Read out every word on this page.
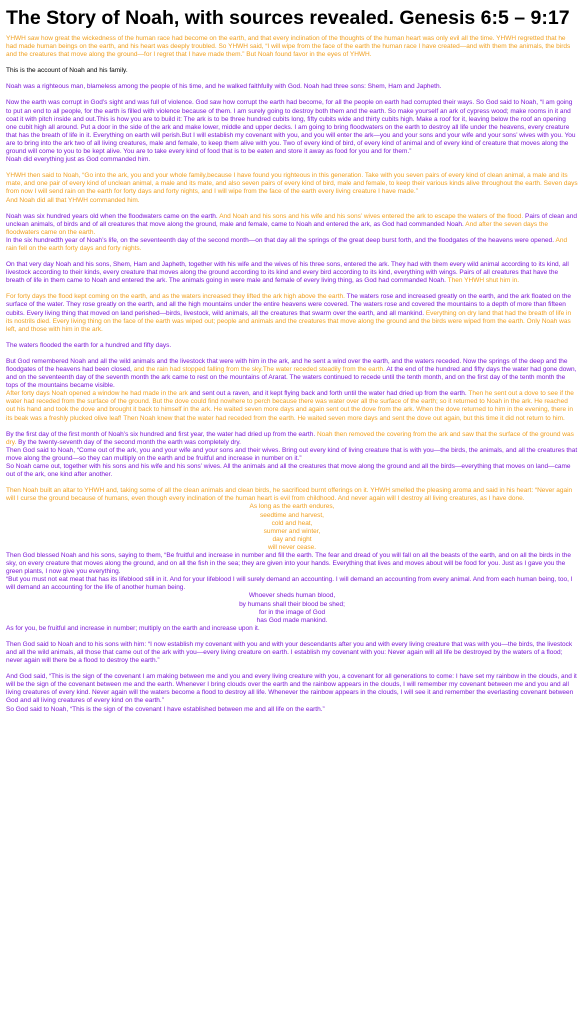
The Story of Noah, with sources revealed. Genesis 6:5 – 9:17

YHWH saw how great the wickedness of the human race had become on the earth, and that every inclination of the thoughts of the human heart was only evil all the time. YHWH regretted that he had made human beings on the earth, and his heart was deeply troubled. So YHWH said, “I will wipe from the face of the earth the human race I have created—and with them the animals, the birds and the creatures that move along the ground—for I regret that I have made them.” But Noah found favor in the eyes of YHWH.

This is the account of Noah and his family.

Noah was a righteous man, blameless among the people of his time, and he walked faithfully with God. Noah had three sons: Shem, Ham and Japheth.

Now the earth was corrupt in God’s sight and was full of violence. God saw how corrupt the earth had become, for all the people on earth had corrupted their ways. So God said to Noah, “I am going to put an end to all people, for the earth is filled with violence because of them. I am surely going to destroy both them and the earth. So make yourself an ark of cypress wood; make rooms in it and coat it with pitch inside and out.This is how you are to build it: The ark is to be three hundred cubits long, fifty cubits wide and thirty cubits high. Make a roof for it, leaving below the roof an opening one cubit high all around. Put a door in the side of the ark and make lower, middle and upper decks. I am going to bring floodwaters on the earth to destroy all life under the heavens, every creature that has the breath of life in it. Everything on earth will perish.But I will establish my covenant with you, and you will enter the ark—you and your sons and your wife and your sons’ wives with you. You are to bring into the ark two of all living creatures, male and female, to keep them alive with you. Two of every kind of bird, of every kind of animal and of every kind of creature that moves along the ground will come to you to be kept alive. You are to take every kind of food that is to be eaten and store it away as food for you and for them.”
Noah did everything just as God commanded him.

YHWH then said to Noah, “Go into the ark, you and your whole family,because I have found you righteous in this generation. Take with you seven pairs of every kind of clean animal, a male and its mate, and one pair of every kind of unclean animal, a male and its mate, and also seven pairs of every kind of bird, male and female, to keep their various kinds alive throughout the earth. Seven days from now I will send rain on the earth for forty days and forty nights, and I will wipe from the face of the earth every living creature I have made.”
And Noah did all that YHWH commanded him.

Noah was six hundred years old when the floodwaters came on the earth. And Noah and his sons and his wife and his sons’ wives entered the ark to escape the waters of the flood. Pairs of clean and unclean animals, of birds and of all creatures that move along the ground, male and female, came to Noah and entered the ark, as God had commanded Noah. And after the seven days the floodwaters came on the earth.
In the six hundredth year of Noah’s life, on the seventeenth day of the second month—on that day all the springs of the great deep burst forth, and the floodgates of the heavens were opened. And rain fell on the earth forty days and forty nights.

On that very day Noah and his sons, Shem, Ham and Japheth, together with his wife and the wives of his three sons, entered the ark. They had with them every wild animal according to its kind, all livestock according to their kinds, every creature that moves along the ground according to its kind and every bird according to its kind, everything with wings. Pairs of all creatures that have the breath of life in them came to Noah and entered the ark. The animals going in were male and female of every living thing, as God had commanded Noah. Then YHWH shut him in.

For forty days the flood kept coming on the earth, and as the waters increased they lifted the ark high above the earth. The waters rose and increased greatly on the earth, and the ark floated on the surface of the water. They rose greatly on the earth, and all the high mountains under the entire heavens were covered. The waters rose and covered the mountains to a depth of more than fifteen cubits. Every living thing that moved on land perished—birds, livestock, wild animals, all the creatures that swarm over the earth, and all mankind. Everything on dry land that had the breath of life in its nostrils died. Every living thing on the face of the earth was wiped out; people and animals and the creatures that move along the ground and the birds were wiped from the earth. Only Noah was left, and those with him in the ark.

The waters flooded the earth for a hundred and fifty days.

But God remembered Noah and all the wild animals and the livestock that were with him in the ark, and he sent a wind over the earth, and the waters receded. Now the springs of the deep and the floodgates of the heavens had been closed, and the rain had stopped falling from the sky.The water receded steadily from the earth. At the end of the hundred and fifty days the water had gone down, and on the seventeenth day of the seventh month the ark came to rest on the mountains of Ararat. The waters continued to recede until the tenth month, and on the first day of the tenth month the tops of the mountains became visible.
After forty days Noah opened a window he had made in the ark and sent out a raven, and it kept flying back and forth until the water had dried up from the earth. Then he sent out a dove to see if the water had receded from the surface of the ground. But the dove could find nowhere to perch because there was water over all the surface of the earth; so it returned to Noah in the ark. He reached out his hand and took the dove and brought it back to himself in the ark. He waited seven more days and again sent out the dove from the ark. When the dove returned to him in the evening, there in its beak was a freshly plucked olive leaf! Then Noah knew that the water had receded from the earth. He waited seven more days and sent the dove out again, but this time it did not return to him.

By the first day of the first month of Noah’s six hundred and first year, the water had dried up from the earth. Noah then removed the covering from the ark and saw that the surface of the ground was dry. By the twenty-seventh day of the second month the earth was completely dry.
Then God said to Noah, “Come out of the ark, you and your wife and your sons and their wives. Bring out every kind of living creature that is with you—the birds, the animals, and all the creatures that move along the ground—so they can multiply on the earth and be fruitful and increase in number on it.”
So Noah came out, together with his sons and his wife and his sons’ wives. All the animals and all the creatures that move along the ground and all the birds—everything that moves on land—came out of the ark, one kind after another.

Then Noah built an altar to YHWH and, taking some of all the clean animals and clean birds, he sacrificed burnt offerings on it. YHWH smelled the pleasing aroma and said in his heart: “Never again will I curse the ground because of humans, even though every inclination of the human heart is evil from childhood. And never again will I destroy all living creatures, as I have done.

As long as the earth endures,
seedtime and harvest,
cold and heat,
summer and winter,
day and night
will never cease.

Then God blessed Noah and his sons, saying to them, “Be fruitful and increase in number and fill the earth. The fear and dread of you will fall on all the beasts of the earth, and on all the birds in the sky, on every creature that moves along the ground, and on all the fish in the sea; they are given into your hands. Everything that lives and moves about will be food for you. Just as I gave you the green plants, I now give you everything.
“But you must not eat meat that has its lifeblood still in it. And for your lifeblood I will surely demand an accounting. I will demand an accounting from every animal. And from each human being, too, I will demand an accounting for the life of another human being.

Whoever sheds human blood,
by humans shall their blood be shed;
for in the image of God
has God made mankind.

As for you, be fruitful and increase in number; multiply on the earth and increase upon it.

Then God said to Noah and to his sons with him: “I now establish my covenant with you and with your descendants after you and with every living creature that was with you—the birds, the livestock and all the wild animals, all those that came out of the ark with you—every living creature on earth. I establish my covenant with you: Never again will all life be destroyed by the waters of a flood; never again will there be a flood to destroy the earth.”

And God said, “This is the sign of the covenant I am making between me and you and every living creature with you, a covenant for all generations to come: I have set my rainbow in the clouds, and it will be the sign of the covenant between me and the earth. Whenever I bring clouds over the earth and the rainbow appears in the clouds, I will remember my covenant between me and you and all living creatures of every kind. Never again will the waters become a flood to destroy all life. Whenever the rainbow appears in the clouds, I will see it and remember the everlasting covenant between God and all living creatures of every kind on the earth.”
So God said to Noah, “This is the sign of the covenant I have established between me and all life on the earth.”
